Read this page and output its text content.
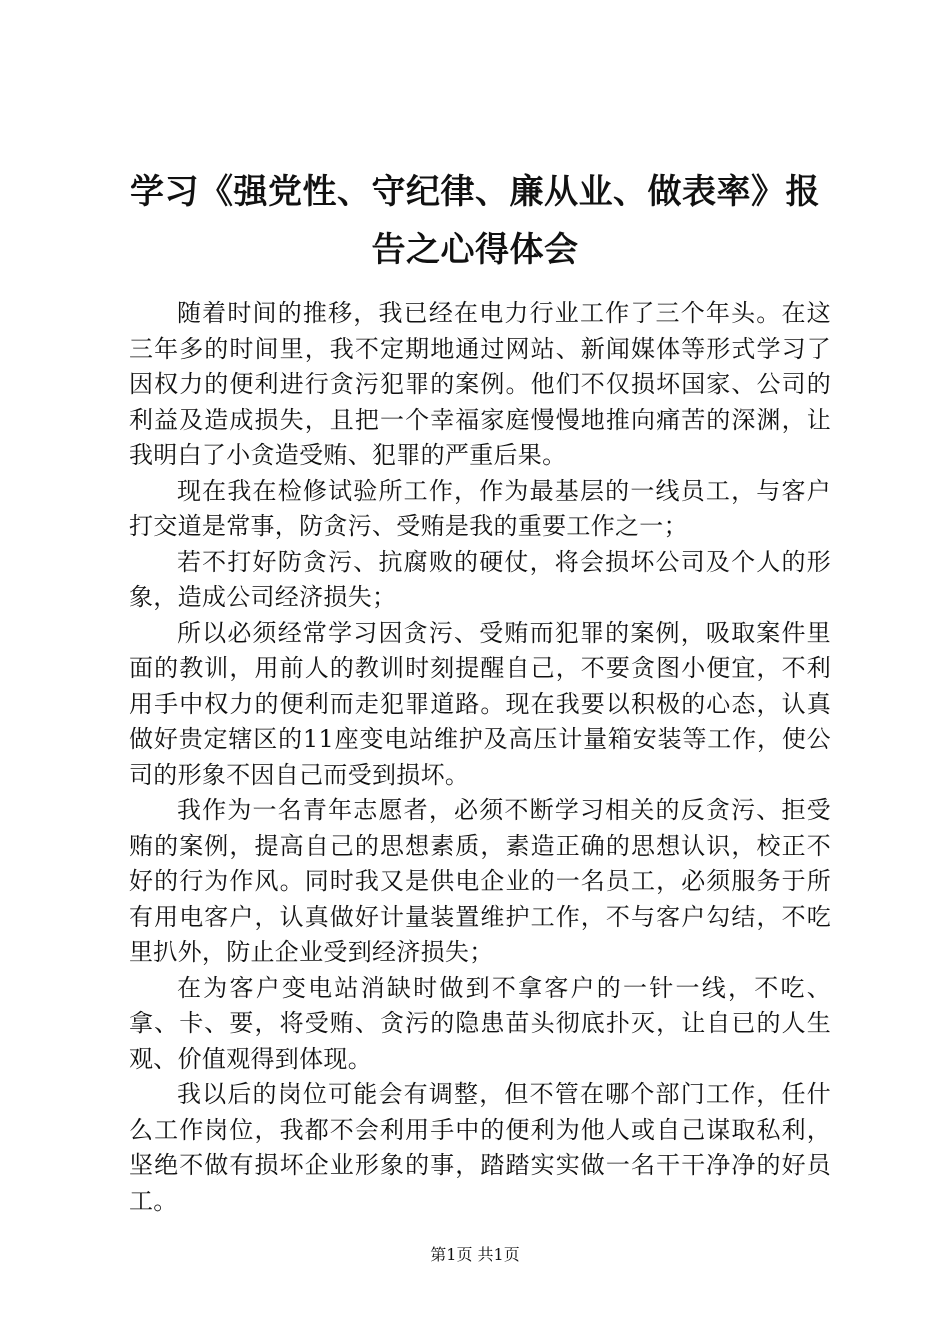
学习《强党性、守纪律、廉从业、做表率》报告之心得体会

随着时间的推移，我已经在电力行业工作了三个年头。在这三年多的时间里，我不定期地通过网站、新闻媒体等形式学习了因权力的便利进行贪污犯罪的案例。他们不仅损坏国家、公司的利益及造成损失，且把一个幸福家庭慢慢地推向痛苦的深渊，让我明白了小贪造受贿、犯罪的严重后果。

现在我在检修试验所工作，作为最基层的一线员工，与客户打交道是常事，防贪污、受贿是我的重要工作之一；

若不打好防贪污、抗腐败的硬仗，将会损坏公司及个人的形象，造成公司经济损失；

所以必须经常学习因贪污、受贿而犯罪的案例，吸取案件里面的教训，用前人的教训时刻提醒自己，不要贪图小便宜，不利用手中权力的便利而走犯罪道路。现在我要以积极的心态，认真做好贵定辖区的11座变电站维护及高压计量箱安装等工作，使公司的形象不因自己而受到损坏。

我作为一名青年志愿者，必须不断学习相关的反贪污、拒受贿的案例，提高自己的思想素质，素造正确的思想认识，校正不好的行为作风。同时我又是供电企业的一名员工，必须服务于所有用电客户，认真做好计量装置维护工作，不与客户勾结，不吃里扒外，防止企业受到经济损失；

在为客户变电站消缺时做到不拿客户的一针一线，不吃、拿、卡、要，将受贿、贪污的隐患苗头彻底扑灭，让自已的人生观、价值观得到体现。

我以后的岗位可能会有调整，但不管在哪个部门工作，任什么工作岗位，我都不会利用手中的便利为他人或自己谋取私利，坚绝不做有损坏企业形象的事，踏踏实实做一名干干净净的好员工。

第1页 共1页
